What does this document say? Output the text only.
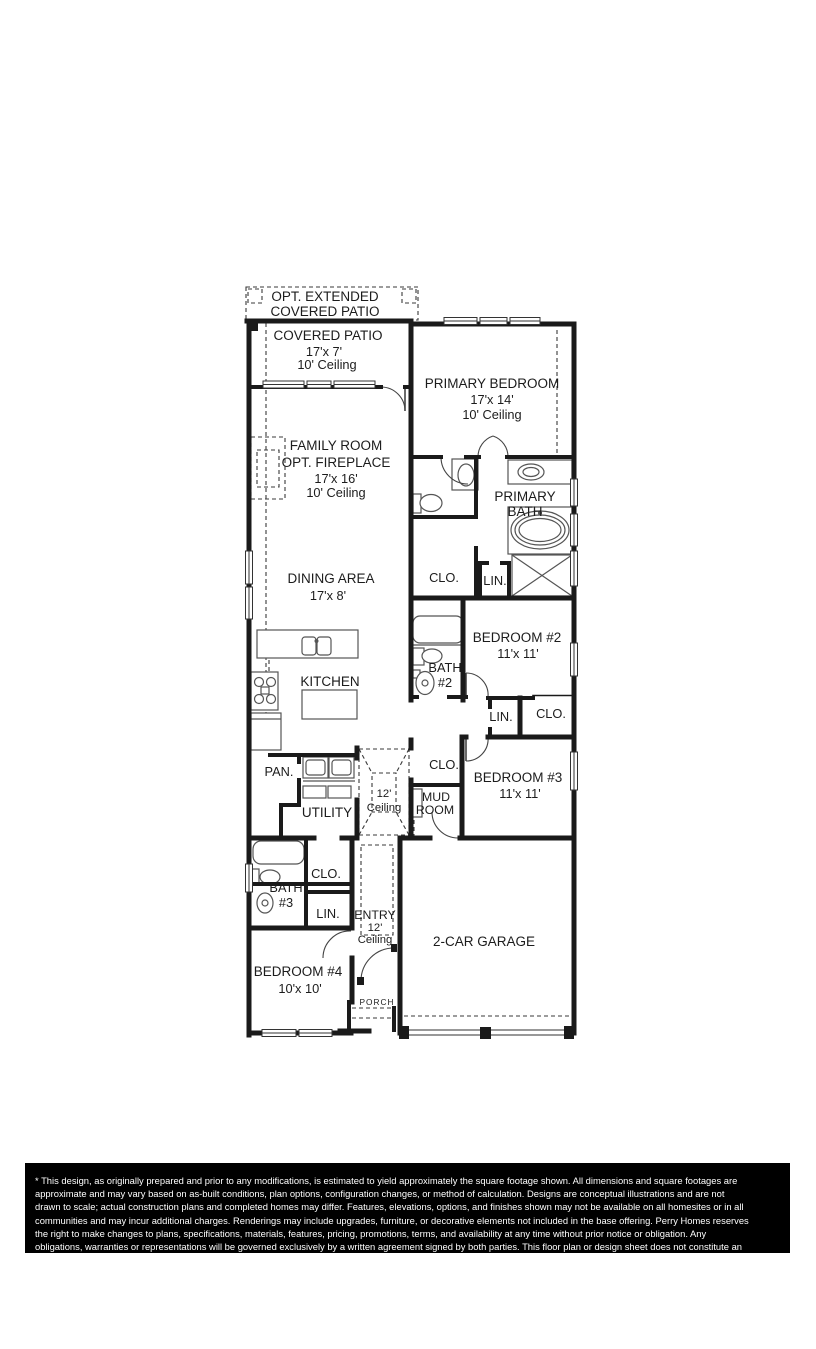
OPT. EXTENDED
COVERED PATIO
COVERED PATIO
17'x 7'
10' Ceiling
PRIMARY BEDROOM
17'x 14'
10' Ceiling
FAMILY ROOM
OPT. FIREPLACE
17'x 16'
10' Ceiling	PRIMARY
BATH
DINING AREA
17'x 8'
CLO. LIN.
BEDROOM #2
11'x 11'
BATH
#2
KITCHEN
LIN. CLO.
CLO.
PAN.	BEDROOM #3
11'x 11'
UTILITY
12'
Ceiling
MUD
ROOM
CLO.
BATH
#3
LIN. ENTRY
12'
Ceiling	2-CAR GARAGE
BEDROOM #4
10'x 10'
PORCH
* This design, as originally prepared and prior to any modifications, is estimated to yield approximately the square footage shown. All dimensions and square footages are
approximate and may vary based on as-built conditions, plan options, configuration changes, or method of calculation. Designs are conceptual illustrations and are not
drawn to scale; actual construction plans and completed homes may differ. Features, elevations, options, and finishes shown may not be available on all homesites or in all
communities and may incur additional charges. Renderings may include upgrades, furniture, or decorative elements not included in the base offering. Perry Homes reserves
the right to make changes to plans, specifications, materials, features, pricing, promotions, terms, and availability at any time without prior notice or obligation. Any
obligations, warranties or representations will be governed exclusively by a written agreement signed by both parties. This floor plan or design sheet does not constitute an
offer to sell or a promise to construct a particular home in any community. Buyers should consult a Perry Homes sales representative to confirm current availability and
